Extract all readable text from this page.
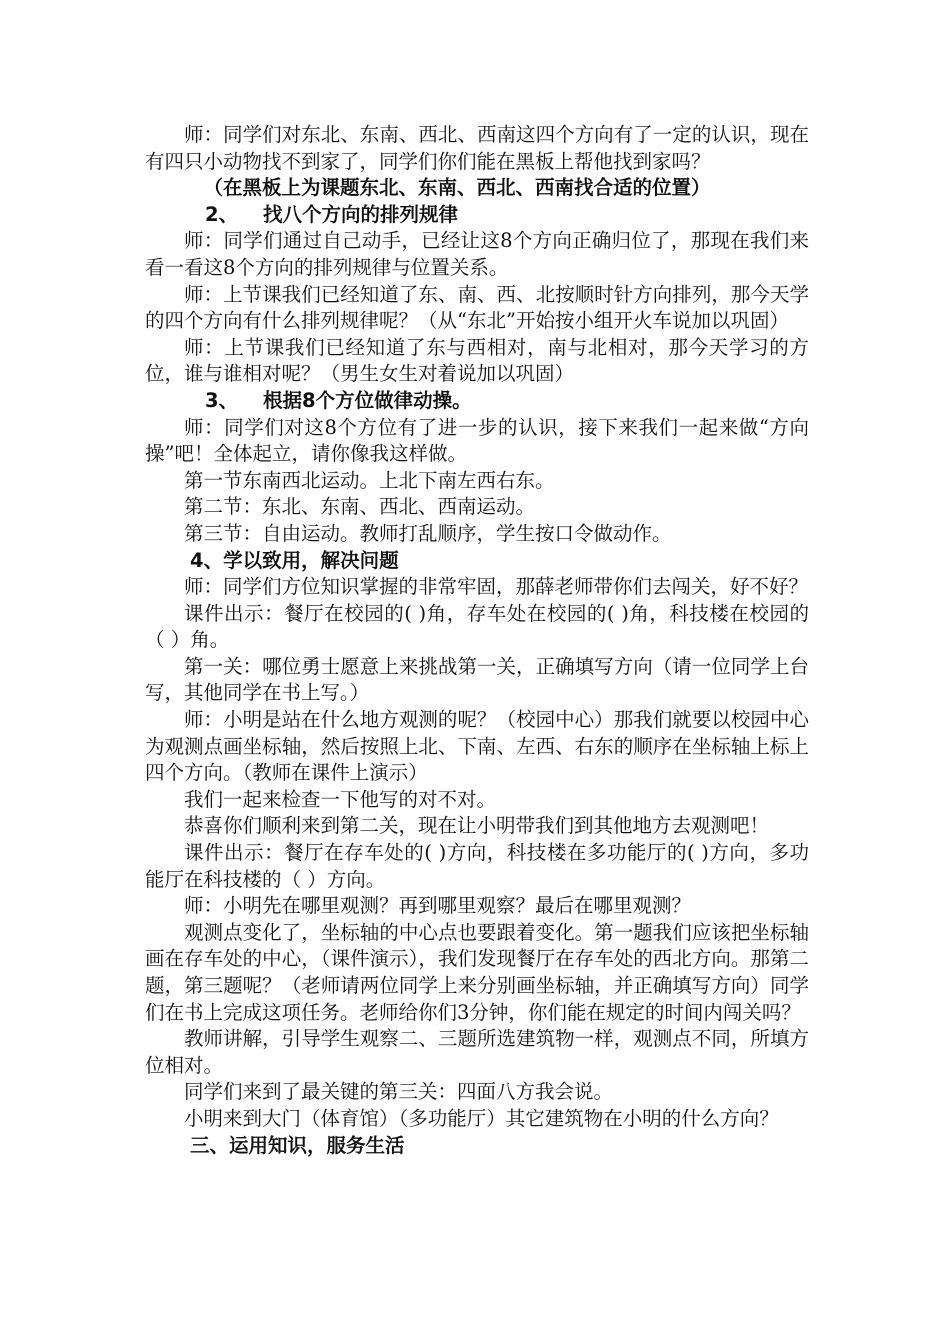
师：同学们对东北、东南、西北、西南这四个方向有了一定的认识，现在有四只小动物找不到家了，同学们你们能在黑板上帮他找到家吗？

（在黑板上为课题东北、东南、西北、西南找合适的位置）

2、 找八个方向的排列规律

师：同学们通过自己动手，已经让这8个方向正确归位了，那现在我们来看一看这8个方向的排列规律与位置关系。

师：上节课我们已经知道了东、南、西、北按顺时针方向排列，那今天学的四个方向有什么排列规律呢？（从“东北”开始按小组开火车说加以巩固）

师：上节课我们已经知道了东与西相对，南与北相对，那今天学习的方位，谁与谁相对呢？（男生女生对着说加以巩固）

3、 根据8个方位做律动操。

师：同学们对这8个方位有了进一步的认识，接下来我们一起来做“方向操”吧！全体起立，请你像我这样做。

第一节东南西北运动。上北下南左西右东。

第二节：东北、东南、西北、西南运动。

第三节：自由运动。教师打乱顺序，学生按口令做动作。

4、学以致用，解决问题

师：同学们方位知识掌握的非常牢固，那薛老师带你们去闯关，好不好？

课件出示：餐厅在校园的( )角，存车处在校园的( )角，科技楼在校园的（ ）角。

第一关：哪位勇士愿意上来挑战第一关，正确填写方向（请一位同学上台写，其他同学在书上写。）

师：小明是站在什么地方观测的呢？（校园中心）那我们就要以校园中心为观测点画坐标轴，然后按照上北、下南、左西、右东的顺序在坐标轴上标上四个方向。（教师在课件上演示）

我们一起来检查一下他写的对不对。

恭喜你们顺利来到第二关，现在让小明带我们到其他地方去观测吧！

课件出示：餐厅在存车处的( )方向，科技楼在多功能厅的( )方向，多功能厅在科技楼的（ ）方向。

师：小明先在哪里观测？再到哪里观察？最后在哪里观测？

观测点变化了，坐标轴的中心点也要跟着变化。第一题我们应该把坐标轴画在存车处的中心，（课件演示），我们发现餐厅在存车处的西北方向。那第二题，第三题呢？（老师请两位同学上来分别画坐标轴，并正确填写方向）同学们在书上完成这项任务。老师给你们3分钟，你们能在规定的时间内闯关吗？

教师讲解，引导学生观察二、三题所选建筑物一样，观测点不同，所填方位相对。

同学们来到了最关键的第三关：四面八方我会说。

小明来到大门（体育馆）（多功能厅）其它建筑物在小明的什么方向？

三、运用知识，服务生活
